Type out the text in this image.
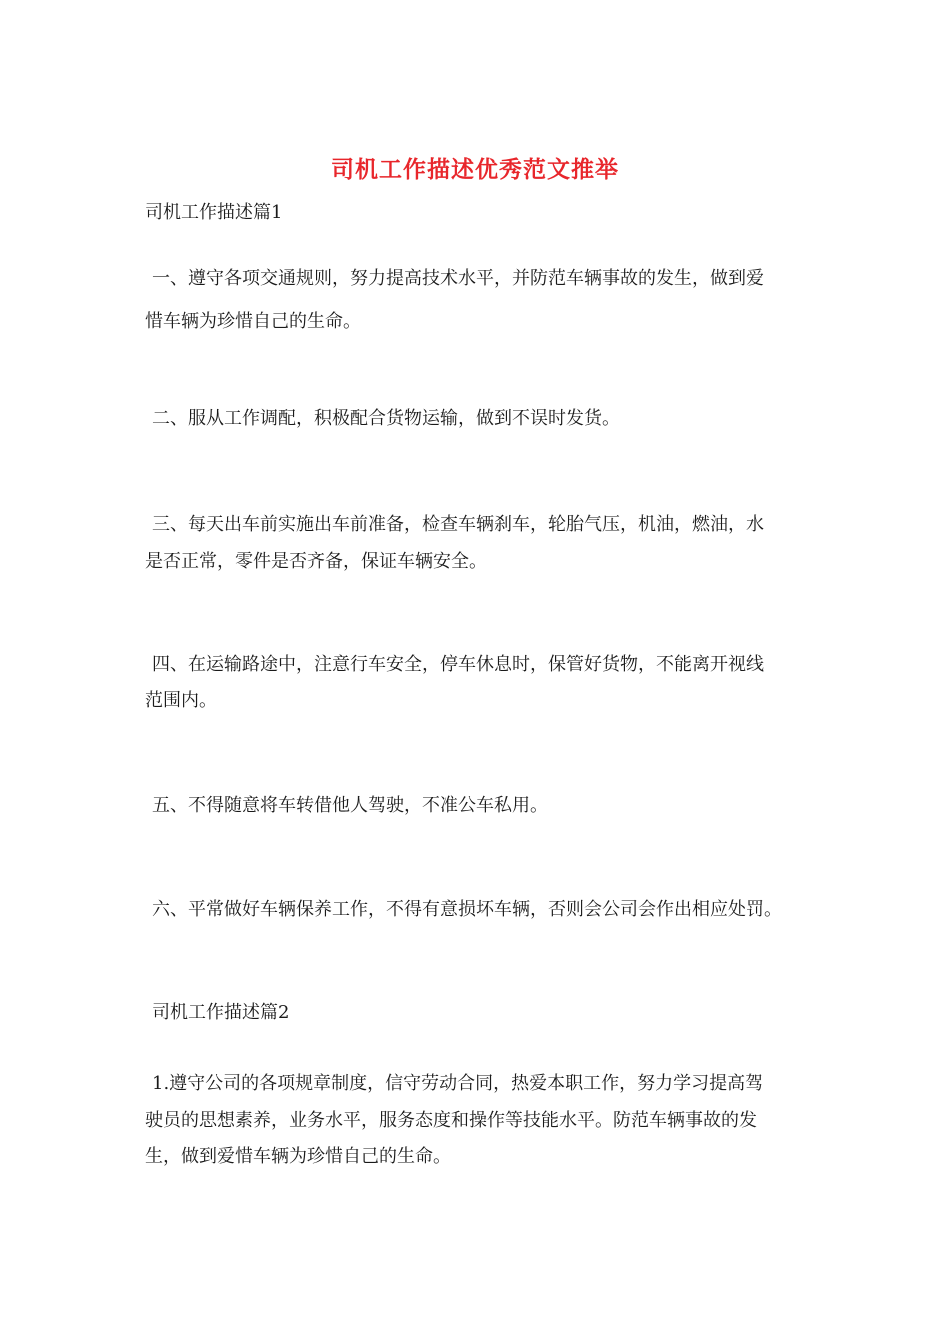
司机工作描述优秀范文推举
司机工作描述篇1
一、遵守各项交通规则，努力提高技术水平，并防范车辆事故的发生，做到爱
惜车辆为珍惜自己的生命。
二、服从工作调配，积极配合货物运输，做到不误时发货。
三、每天出车前实施出车前准备，检查车辆刹车，轮胎气压，机油，燃油，水
是否正常，零件是否齐备，保证车辆安全。
四、在运输路途中，注意行车安全，停车休息时，保管好货物，不能离开视线
范围内。
五、不得随意将车转借他人驾驶，不准公车私用。
六、平常做好车辆保养工作，不得有意损坏车辆，否则会公司会作出相应处罚。
司机工作描述篇2
1.遵守公司的各项规章制度，信守劳动合同，热爱本职工作，努力学习提高驾
驶员的思想素养，业务水平，服务态度和操作等技能水平。防范车辆事故的发
生，做到爱惜车辆为珍惜自己的生命。
